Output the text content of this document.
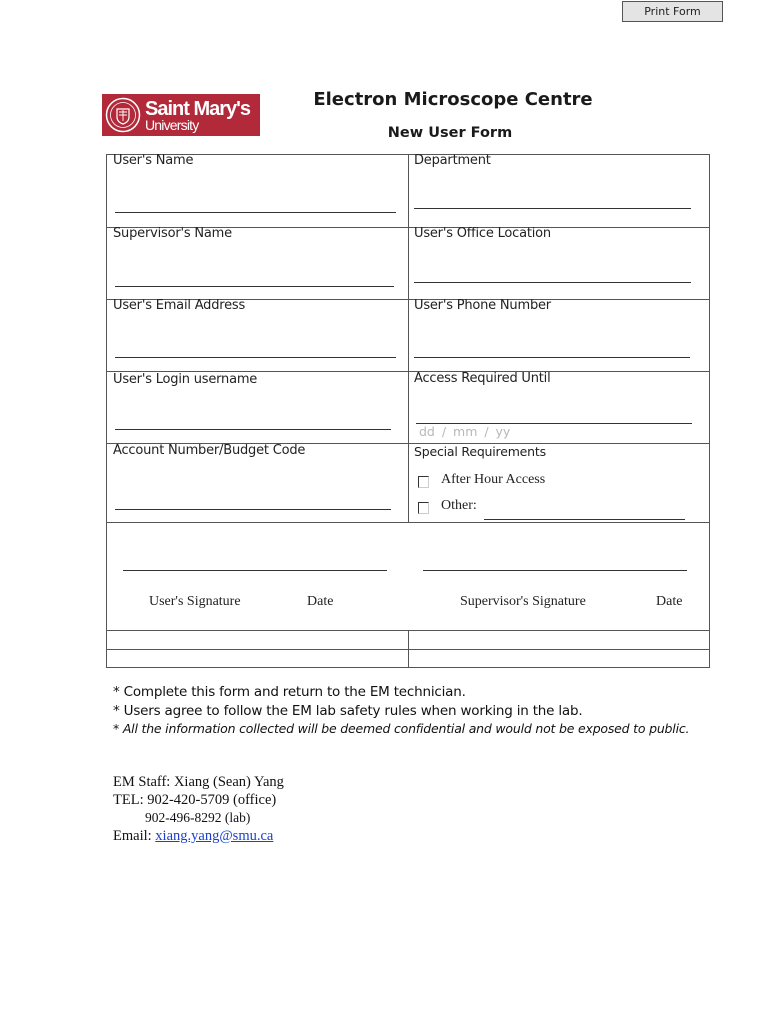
Print Form
Saint Mary's
University
Electron Microscope Centre
New User Form
User's Name	Department
Supervisor's Name	User's Office Location
User's Email Address	User's Phone Number
User's Login username	Access Required Until
dd / mm / yy
Account Number/Budget Code	Special Requirements
After Hour Access
Other:
User's Signature	Date	Supervisor's Signature	Date
* Complete this form and return to the EM technician.
* Users agree to follow the EM lab safety rules when working in the lab.
* All the information collected will be deemed confidential and would not be exposed to public.
EM Staff: Xiang (Sean) Yang
TEL: 902-420-5709 (office)
902-496-8292 (lab)
Email: xiang.yang@smu.ca
